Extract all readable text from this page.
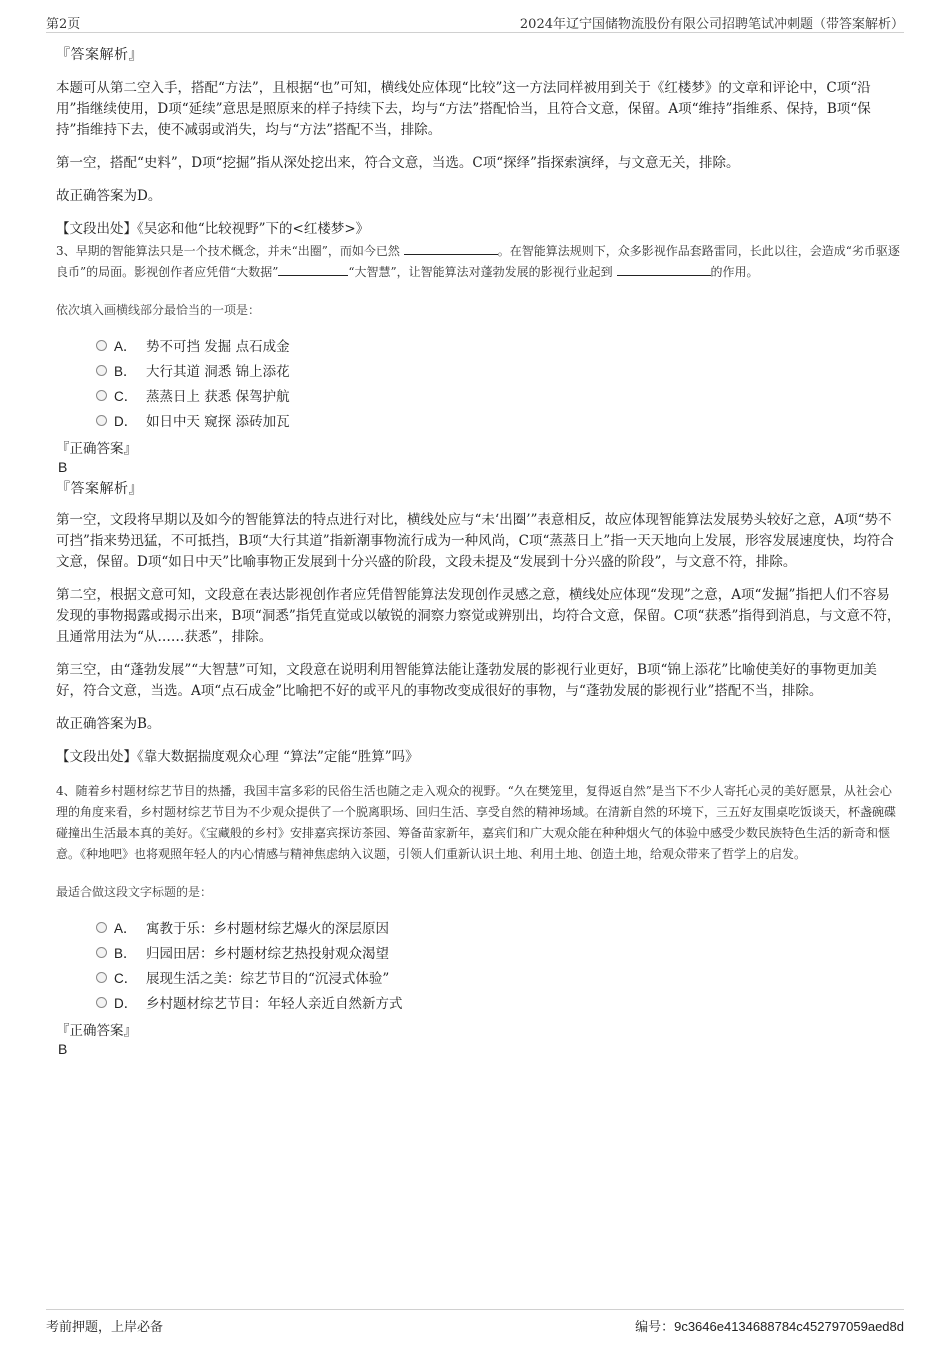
第2页	2024年辽宁国储物流股份有限公司招聘笔试冲刺题（带答案解析）
『答案解析』

本题可从第二空入手，搭配“方法”，且根据“也”可知，横线处应体现“比较”这一方法同样被用到关于《红楼梦》的文章和评论中，C项“沿用”指继续使用，D项“延续”意思是照原来的样子持续下去，均与“方法”搭配恰当，且符合文意，保留。A项“维持”指维系、保持，B项“保持”指维持下去，使不减弱或消失，均与“方法”搭配不当，排除。

第一空，搭配“史料”，D项“挖掘”指从深处挖出来，符合文意，当选。C项“探绎”指探索演绎，与文意无关，排除。

故正确答案为D。

【文段出处】《吴宓和他“比较视野”下的<红楼梦>》

3、早期的智能算法只是一个技术概念，并未“出圈”，而如今已然	。在智能算法规则下，众多影视作品套路雷同，长此以往，会造成“劣币驱逐良币”的局面。影视创作者应凭借“大数据”	“大智慧”，让智能算法对蓬勃发展的影视行业起到	的作用。

依次填入画横线部分最恰当的一项是：
A． 势不可挡 发掘 点石成金
B． 大行其道 洞悉 锦上添花
C． 蒸蒸日上 获悉 保驾护航
D． 如日中天 窥探 添砖加瓦

『正确答案』

B

『答案解析』

第一空，文段将早期以及如今的智能算法的特点进行对比，横线处应与“未‘出圈’”表意相反，故应体现智能算法发展势头较好之意，A项“势不可挡”指来势迅猛，不可抵挡，B项“大行其道”指新潮事物流行成为一种风尚，C项“蒸蒸日上”指一天天地向上发展，形容发展速度快，均符合文意，保留。D项“如日中天”比喻事物正发展到十分兴盛的阶段，文段未提及“发展到十分兴盛的阶段”，与文意不符，排除。

第二空，根据文意可知，文段意在表达影视创作者应凭借智能算法发现创作灵感之意，横线处应体现“发现”之意，A项“发掘”指把人们不容易发现的事物揭露或揭示出来，B项“洞悉”指凭直觉或以敏锐的洞察力察觉或辨别出，均符合文意，保留。C项“获悉”指得到消息，与文意不符，且通常用法为“从……获悉”，排除。

第三空，由“蓬勃发展”“大智慧”可知，文段意在说明利用智能算法能让蓬勃发展的影视行业更好，B项“锦上添花”比喻使美好的事物更加美好，符合文意，当选。A项“点石成金”比喻把不好的或平凡的事物改变成很好的事物，与“蓬勃发展的影视行业”搭配不当，排除。

故正确答案为B。

【文段出处】《靠大数据揣度观众心理 “算法”定能“胜算”吗》

4、随着乡村题材综艺节目的热播，我国丰富多彩的民俗生活也随之走入观众的视野。“久在樊笼里，复得返自然”是当下不少人寄托心灵的美好愿景，从社会心理的角度来看，乡村题材综艺节目为不少观众提供了一个脱离职场、回归生活、享受自然的精神场域。在清新自然的环境下，三五好友围桌吃饭谈天，杯盏碗碟碰撞出生活最本真的美好。《宝藏般的乡村》安排嘉宾探访茶园、筹备苗家新年，嘉宾们和广大观众能在种种烟火气的体验中感受少数民族特色生活的新奇和惬意。《种地吧》也将观照年轻人的内心情感与精神焦虑纳入议题，引领人们重新认识土地、利用土地、创造土地，给观众带来了哲学上的启发。

最适合做这段文字标题的是：
A． 寓教于乐：乡村题材综艺爆火的深层原因
B． 归园田居：乡村题材综艺热投射观众渴望
C． 展现生活之美：综艺节目的“沉浸式体验”
D． 乡村题材综艺节目：年轻人亲近自然新方式

『正确答案』

B

考前押题，上岸必备	编号：9c3646e4134688784c452797059aed8d
